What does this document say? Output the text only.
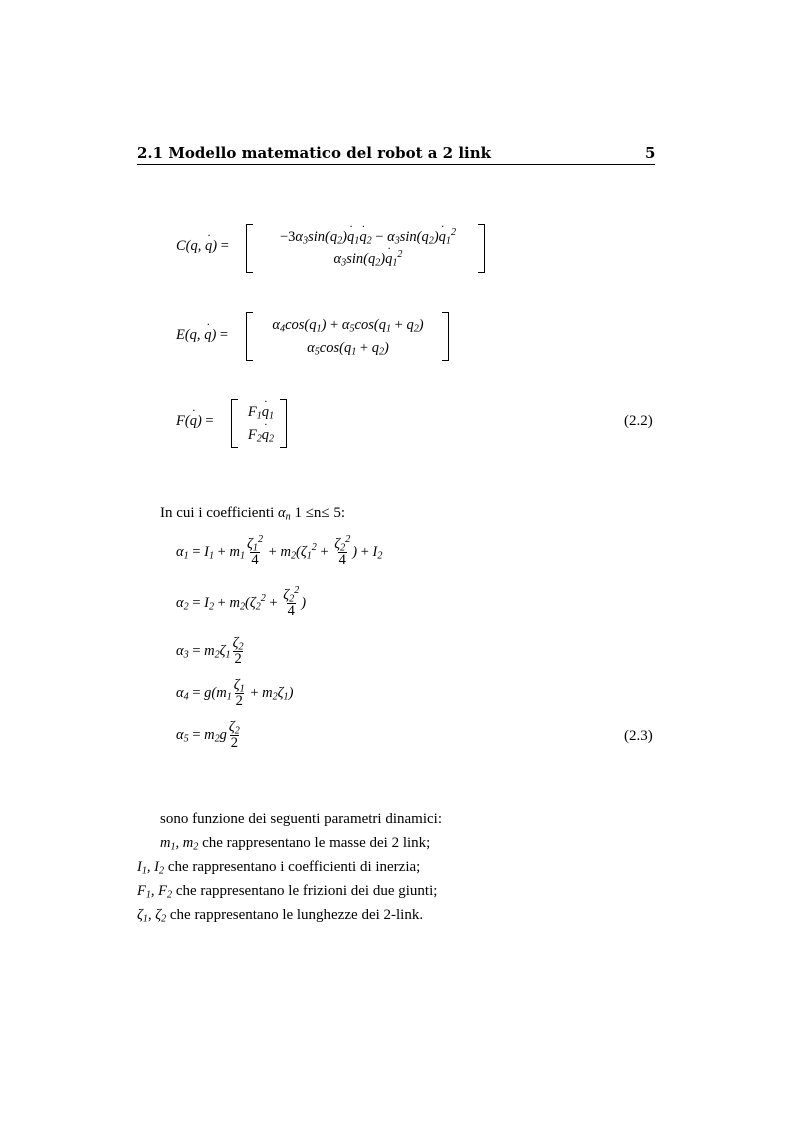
2.1 Modello matematico del robot a 2 link	5
C(q, q ˙) =
$-3\alpha_3\sin(q_2)q$ $˙_1q$ $˙_2 - \alpha_3\sin(q_2)q$ $˙_1^2$
$\alpha_3\sin(q_2)q$ $˙_1^2$
E(q, q ˙) =
$\alpha_4\cos(q_1) + \alpha_5\cos(q_1 + q_2)$
$\alpha_5\cos(q_1 + q_2)$
F(q ˙) =
$F_1q$ $˙_1$
$F_2q$ $˙_2$
(2.2)
In cui i coefficienti $\alpha_n$ 1 ≤n≤ 5:
$\alpha_1 = I_1 + m_1 \frac{\zeta_1^2}{4} + m_2(\zeta_1^2 + \frac{\zeta_2^2}{4}$ ) + $I_2$
$\alpha_2 = I_2 + m_2(\zeta_2^2 + \frac{\zeta_2^2}{4}$ )
$\alpha_3 = m_2\zeta_1 \frac{\zeta_2}{2}$
$\alpha_4 = g(m_1 \frac{\zeta_1}{2} + m_2\zeta_1)$
$\alpha_5 = m_2g \frac{\zeta_2}{2}$	(2.3)
sono funzione dei seguenti parametri dinamici:
$m_1$, $m_2$ che rappresentano le masse dei 2 link;
$I_1$, $I_2$ che rappresentano i coefficienti di inerzia;
$F_1$, $F_2$ che rappresentano le frizioni dei due giunti;
$\zeta_1$, $\zeta_2$ che rappresentano le lunghezze dei 2-link.
